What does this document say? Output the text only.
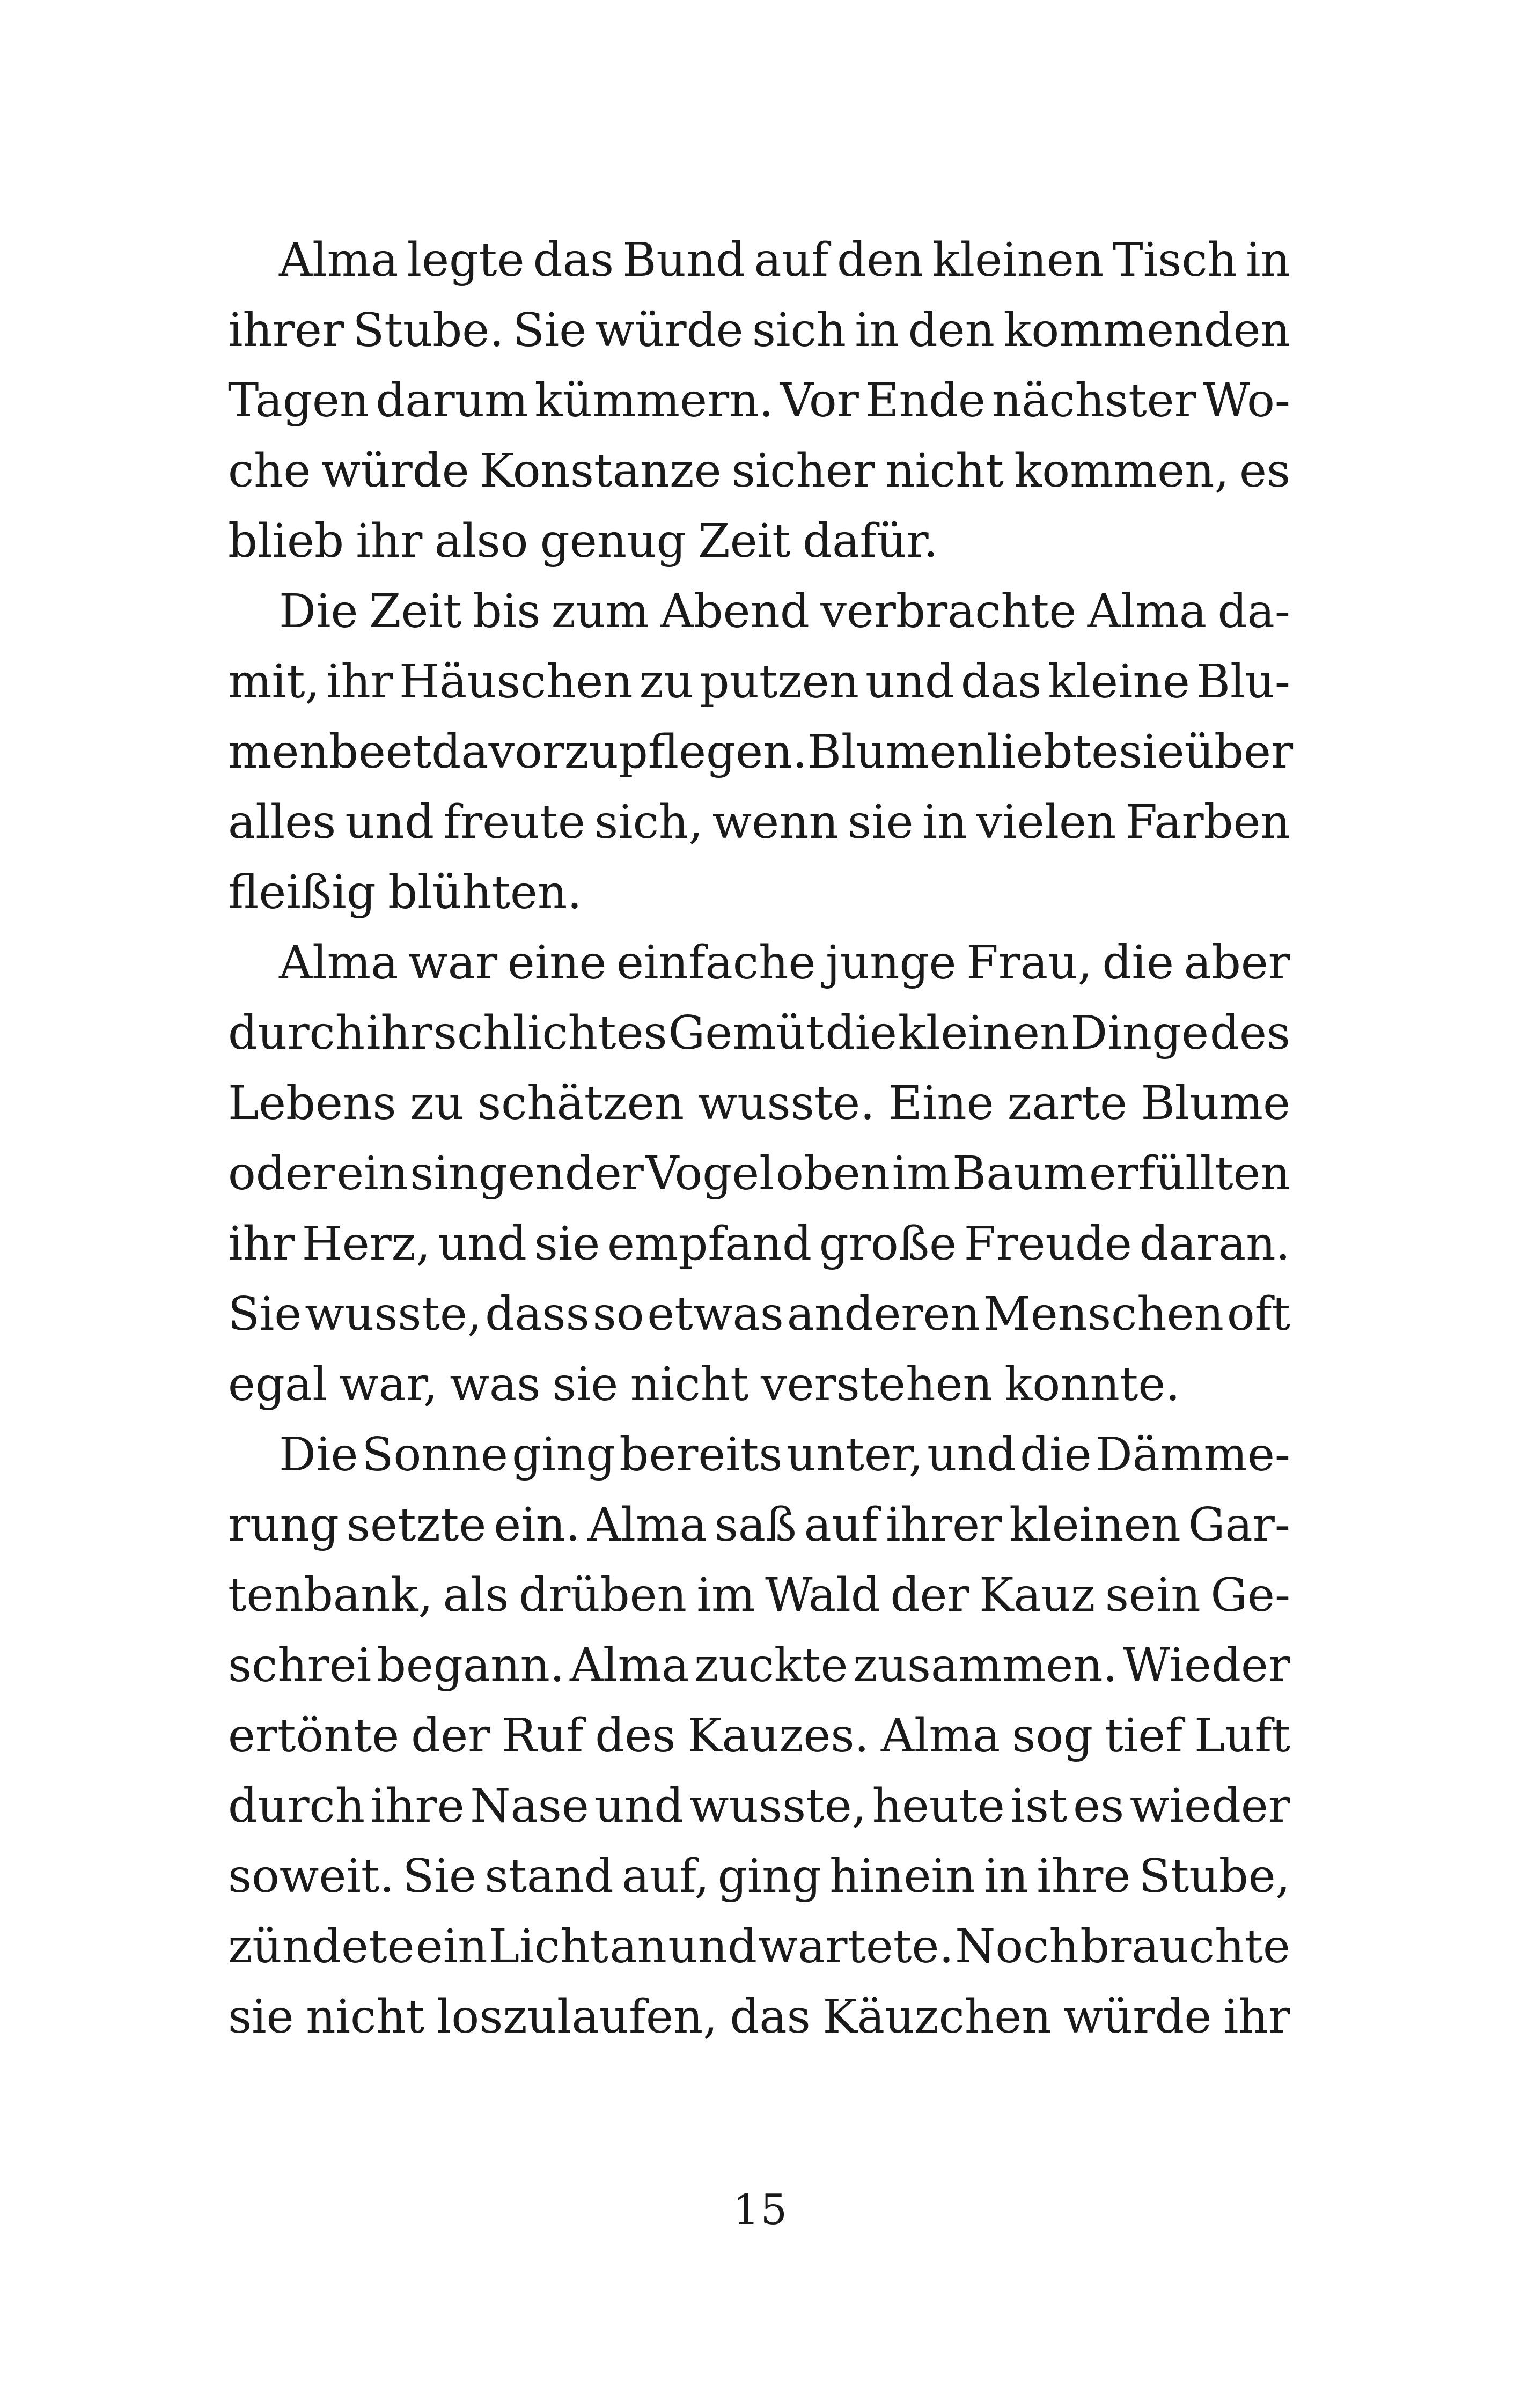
Alma legte das Bund auf den kleinen Tisch in
ihrer Stube. Sie würde sich in den kommenden
Tagen darum kümmern. Vor Ende nächster Wo-
che würde Konstanze sicher nicht kommen, es
blieb ihr also genug Zeit dafür.
Die Zeit bis zum Abend verbrachte Alma da-
mit, ihr Häuschen zu putzen und das kleine Blu-
menbeet davor zu pflegen. Blumen liebte sie über
alles und freute sich, wenn sie in vielen Farben
fleißig blühten.
Alma war eine einfache junge Frau, die aber
durch ihr schlichtes Gemüt die kleinen Dinge des
Lebens zu schätzen wusste. Eine zarte Blume
oder ein singender Vogel oben im Baum erfüllten
ihr Herz, und sie empfand große Freude daran.
Sie wusste, dass so etwas anderen Menschen oft
egal war, was sie nicht verstehen konnte.
Die Sonne ging bereits unter, und die Dämme-
rung setzte ein. Alma saß auf ihrer kleinen Gar-
tenbank, als drüben im Wald der Kauz sein Ge-
schrei begann. Alma zuckte zusammen. Wieder
ertönte der Ruf des Kauzes. Alma sog tief Luft
durch ihre Nase und wusste, heute ist es wieder
soweit. Sie stand auf, ging hinein in ihre Stube,
zündete ein Licht an und wartete. Noch brauchte
sie nicht loszulaufen, das Käuzchen würde ihr
15
